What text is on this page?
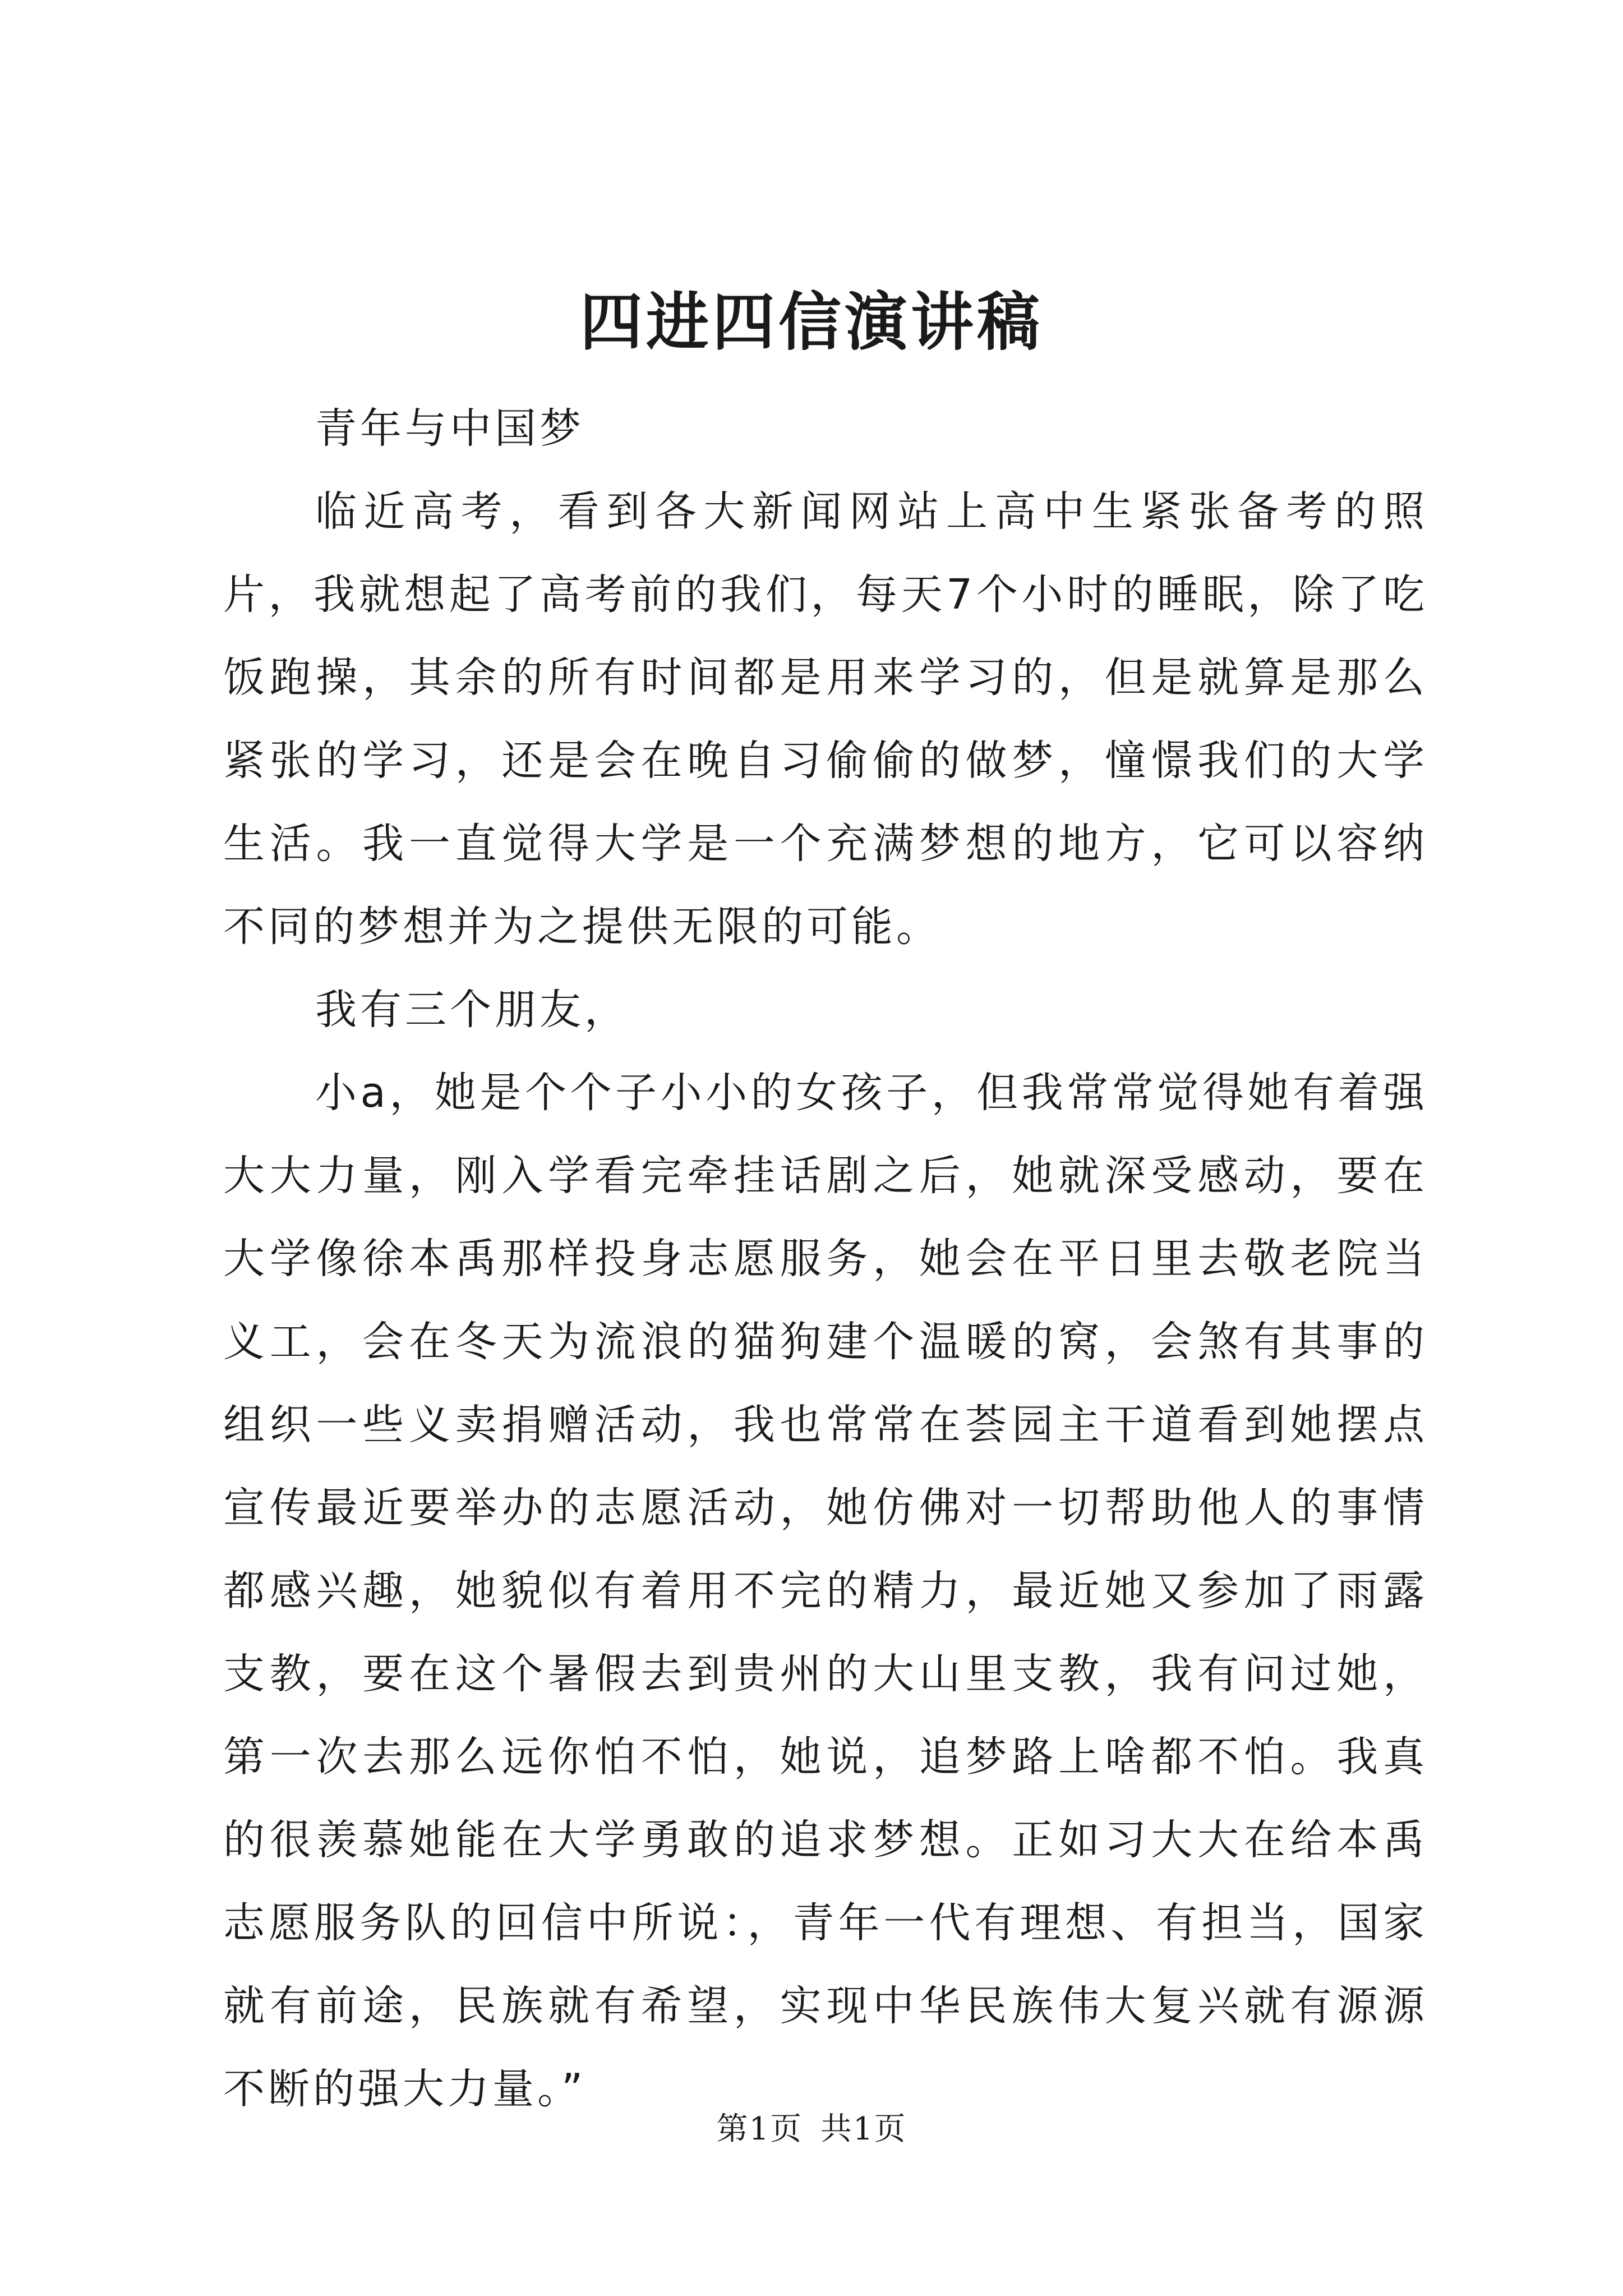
四进四信演讲稿

青年与中国梦

临近高考，看到各大新闻网站上高中生紧张备考的照片，我就想起了高考前的我们，每天7个小时的睡眠，除了吃饭跑操，其余的所有时间都是用来学习的，但是就算是那么紧张的学习，还是会在晚自习偷偷的做梦，憧憬我们的大学生活。我一直觉得大学是一个充满梦想的地方，它可以容纳不同的梦想并为之提供无限的可能。

我有三个朋友，

小a，她是个个子小小的女孩子，但我常常觉得她有着强大大力量，刚入学看完牵挂话剧之后，她就深受感动，要在大学像徐本禹那样投身志愿服务，她会在平日里去敬老院当义工，会在冬天为流浪的猫狗建个温暖的窝，会煞有其事的组织一些义卖捐赠活动，我也常常在荟园主干道看到她摆点宣传最近要举办的志愿活动，她仿佛对一切帮助他人的事情都感兴趣，她貌似有着用不完的精力，最近她又参加了雨露支教，要在这个暑假去到贵州的大山里支教，我有问过她，第一次去那么远你怕不怕，她说，追梦路上啥都不怕。我真的很羡慕她能在大学勇敢的追求梦想。正如习大大在给本禹志愿服务队的回信中所说：，青年一代有理想、有担当，国家就有前途，民族就有希望，实现中华民族伟大复兴就有源源不断的强大力量。”

第1页 共1页
